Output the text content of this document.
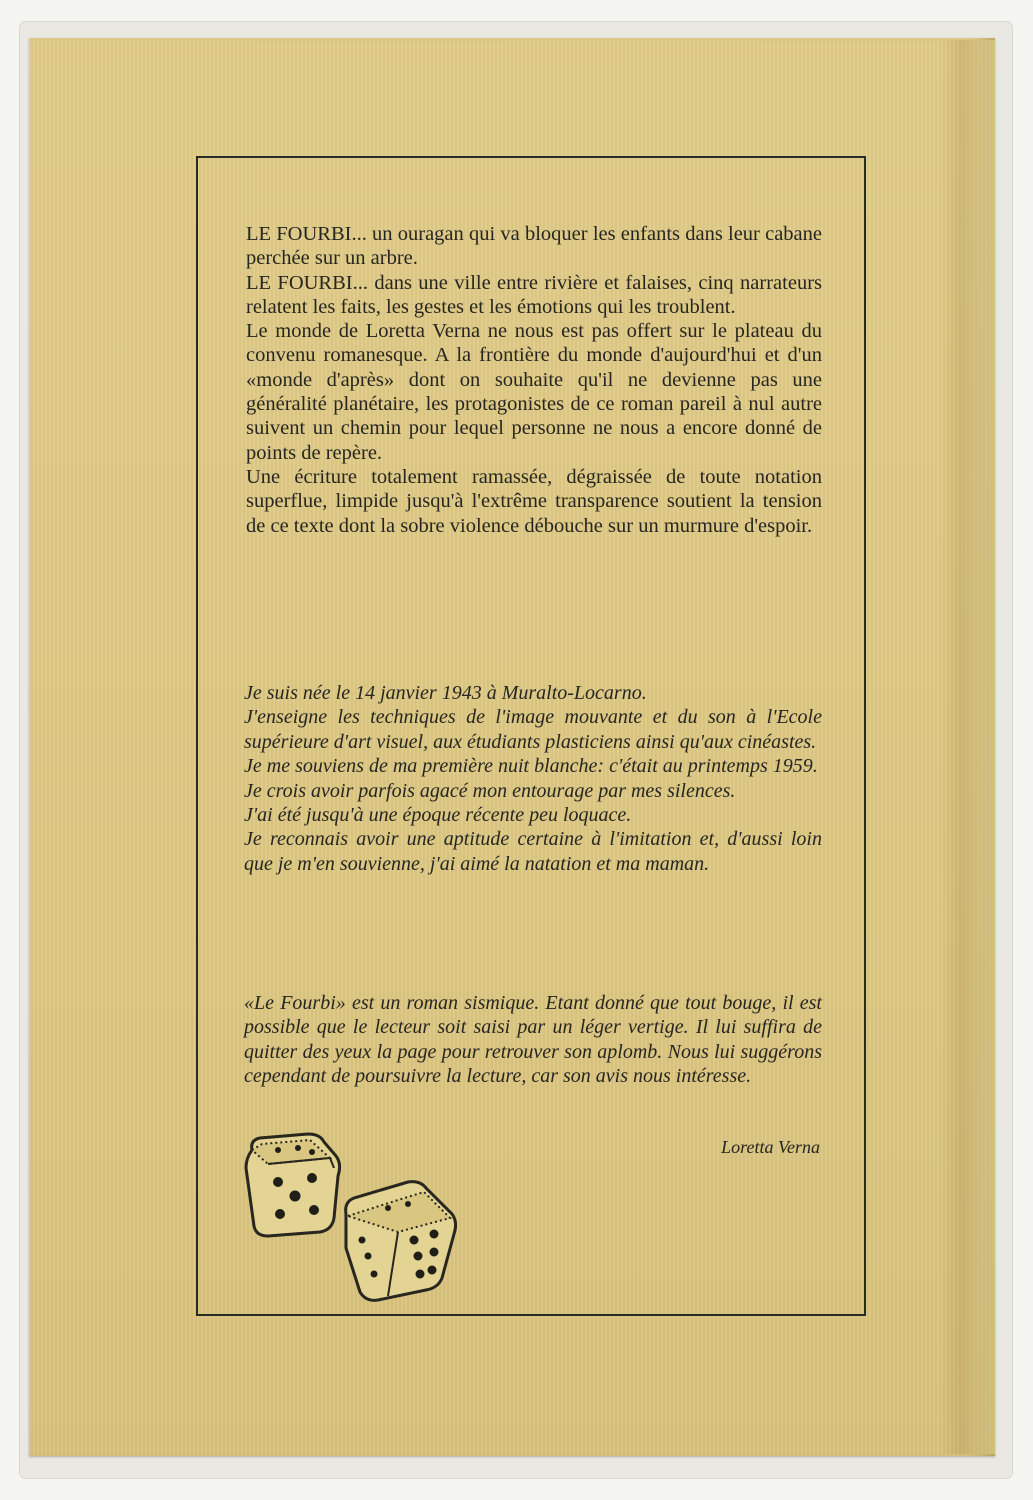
LE FOURBI... un ouragan qui va bloquer les enfants dans leur cabane perchée sur un arbre.

LE FOURBI... dans une ville entre rivière et falaises, cinq narrateurs relatent les faits, les gestes et les émotions qui les troublent.

Le monde de Loretta Verna ne nous est pas offert sur le plateau du convenu romanesque. A la frontière du monde d'aujourd'hui et d'un «monde d'après» dont on souhaite qu'il ne devienne pas une généralité planétaire, les protagonistes de ce roman pareil à nul autre suivent un chemin pour lequel personne ne nous a encore donné de points de repère.

Une écriture totalement ramassée, dégraissée de toute notation superflue, limpide jusqu'à l'extrême transparence soutient la tension de ce texte dont la sobre violence débouche sur un murmure d'espoir.

Je suis née le 14 janvier 1943 à Muralto-Locarno.

J'enseigne les techniques de l'image mouvante et du son à l'Ecole supérieure d'art visuel, aux étudiants plasticiens ainsi qu'aux cinéastes.

Je me souviens de ma première nuit blanche: c'était au printemps 1959.

Je crois avoir parfois agacé mon entourage par mes silences.

J'ai été jusqu'à une époque récente peu loquace.

Je reconnais avoir une aptitude certaine à l'imitation et, d'aussi loin que je m'en souvienne, j'ai aimé la natation et ma maman.

«Le Fourbi» est un roman sismique. Etant donné que tout bouge, il est possible que le lecteur soit saisi par un léger vertige. Il lui suffira de quitter des yeux la page pour retrouver son aplomb. Nous lui suggérons cependant de poursuivre la lecture, car son avis nous intéresse.

Loretta Verna
